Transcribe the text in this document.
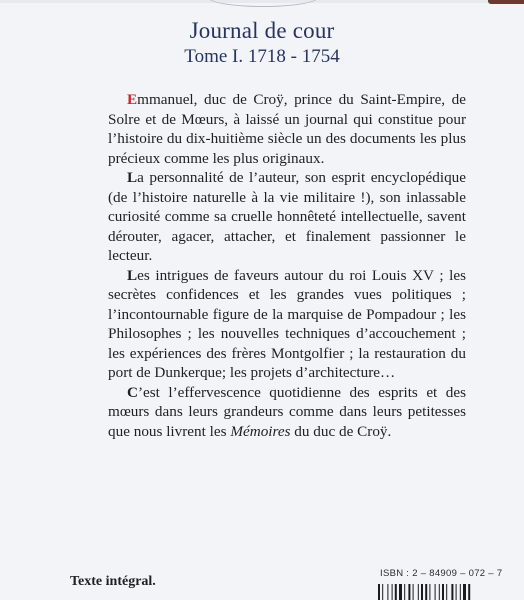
Journal de cour
Tome I. 1718 - 1754

Emmanuel, duc de Croÿ, prince du Saint-Empire, de Solre et de Mœurs, à laissé un journal qui constitue pour l’histoire du dix-huitième siècle un des documents les plus précieux comme les plus originaux.

La personnalité de l’auteur, son esprit encyclopédique (de l’histoire naturelle à la vie militaire !), son inlassable curiosité comme sa cruelle honnêteté intellectuelle, savent dérouter, agacer, attacher, et finalement passionner le lecteur.

Les intrigues de faveurs autour du roi Louis XV ; les secrètes confidences et les grandes vues politiques ; l’incontournable figure de la marquise de Pompadour ; les Philosophes ; les nouvelles techniques d’accouchement ; les expériences des frères Montgolfier ; la restauration du port de Dunkerque; les projets d’architecture…

C’est l’effervescence quotidienne des esprits et des mœurs dans leurs grandeurs comme dans leurs petitesses que nous livrent les Mémoires du duc de Croÿ.

Texte intégral.
ISBN : 2 – 84909 – 072 – 7
